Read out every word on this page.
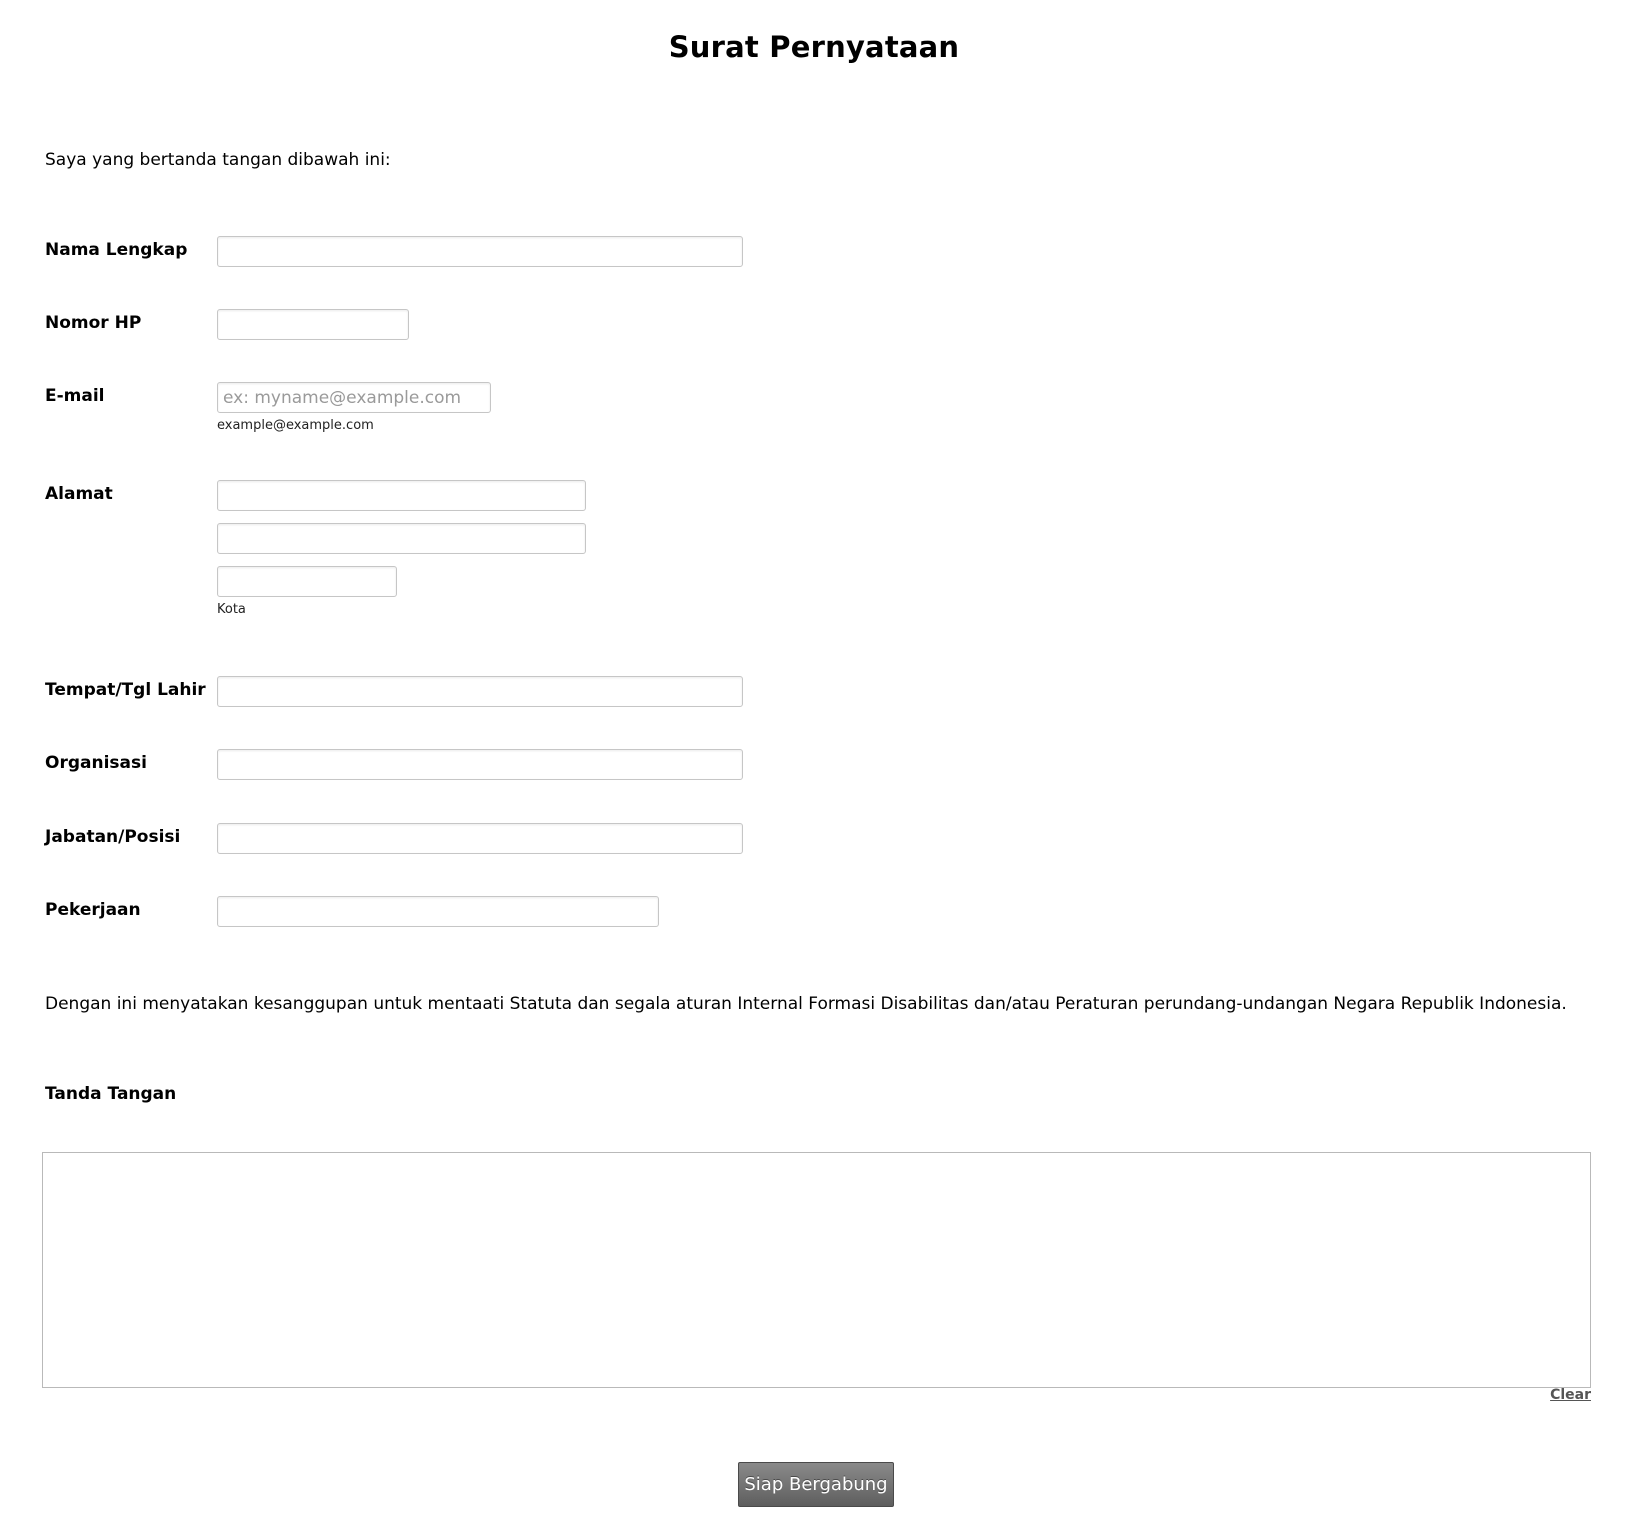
Surat Pernyataan
Saya yang bertanda tangan dibawah ini:
Nama Lengkap
Nomor HP
E-mail
ex: myname@example.com
example@example.com
Alamat
Kota
Tempat/Tgl Lahir
Organisasi
Jabatan/Posisi
Pekerjaan
Dengan ini menyatakan kesanggupan untuk mentaati Statuta dan segala aturan Internal Formasi Disabilitas dan/atau Peraturan perundang-undangan Negara Republik Indonesia.
Tanda Tangan
Clear
Siap Bergabung
